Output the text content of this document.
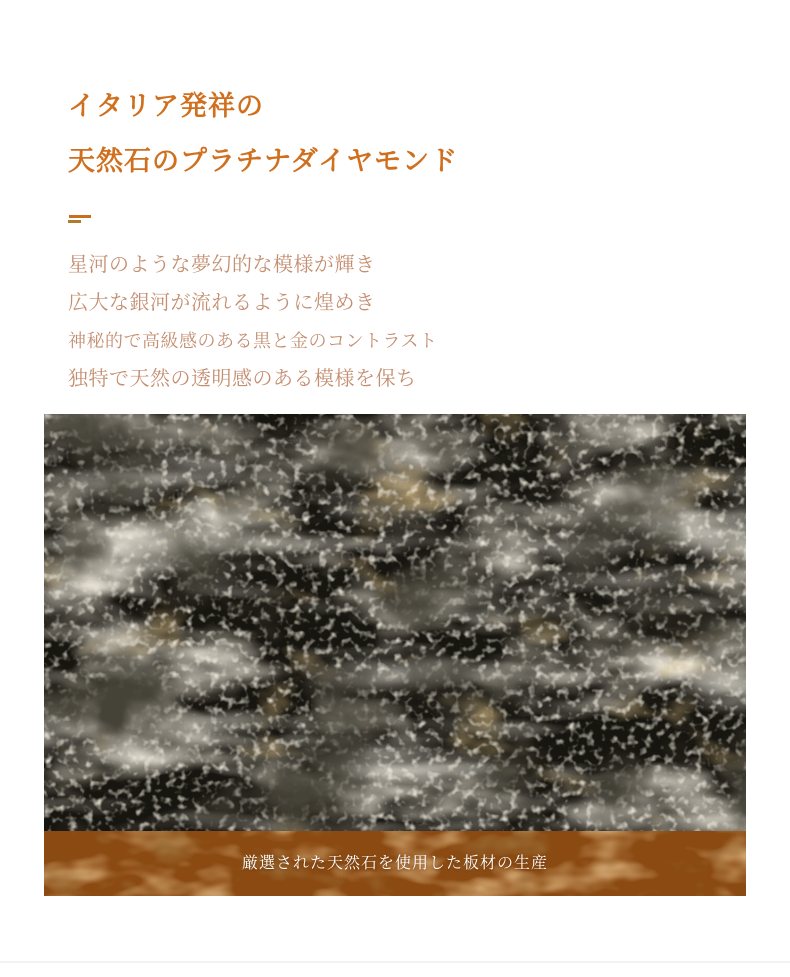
イタリア発祥の
天然石のプラチナダイヤモンド
星河のような夢幻的な模様が輝き
広大な銀河が流れるように煌めき
神秘的で高級感のある黒と金のコントラスト
独特で天然の透明感のある模様を保ち
厳選された天然石を使用した板材の生産
